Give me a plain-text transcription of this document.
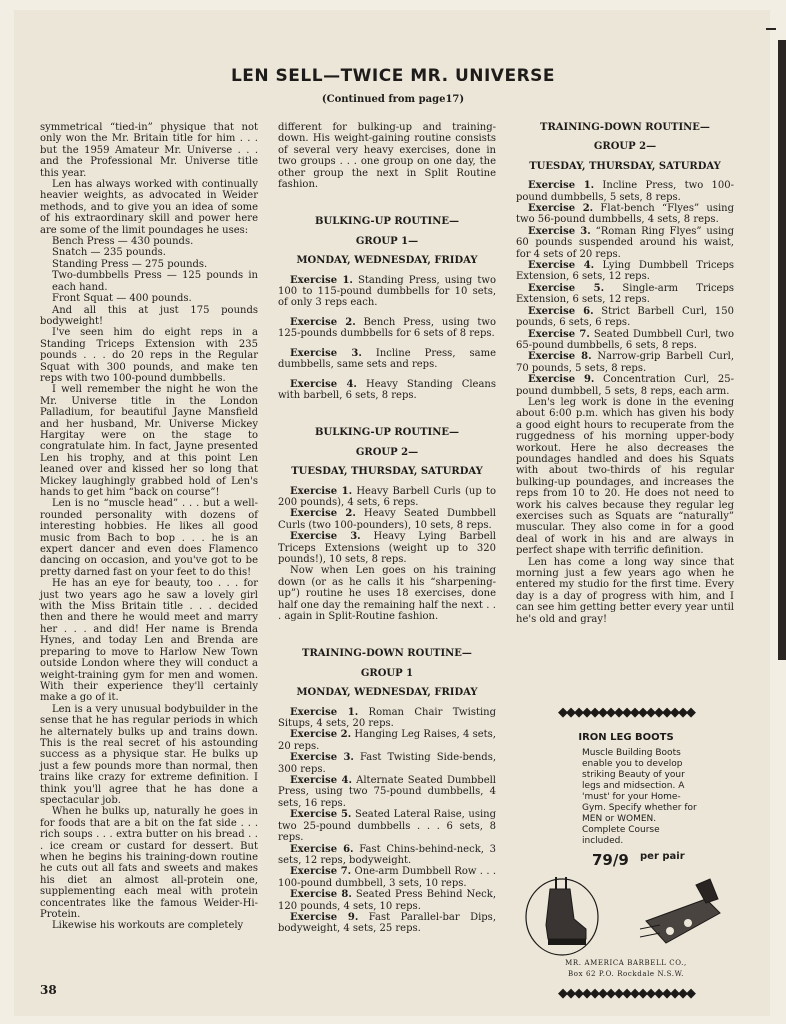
LEN SELL—TWICE MR. UNIVERSE
(Continued from page17)

symmetrical “tied-in” physique that not only won the Mr. Britain title for him . . . but the 1959 Amateur Mr. Universe . . . and the Professional Mr. Universe title this year.

Len has always worked with continually heavier weights, as advocated in Weider methods, and to give you an idea of some of his extraordinary skill and power here are some of the limit poundages he uses:

Bench Press — 430 pounds.

Snatch — 235 pounds.

Standing Press — 275 pounds.

Two-dumbbells Press — 125 pounds in each hand.

Front Squat — 400 pounds.

And all this at just 175 pounds bodyweight!

I've seen him do eight reps in a Standing Triceps Extension with 235 pounds . . . do 20 reps in the Regular Squat with 300 pounds, and make ten reps with two 100-pound dumbbells.

I well remember the night he won the Mr. Universe title in the London Palladium, for beautiful Jayne Mansfield and her husband, Mr. Universe Mickey Hargitay were on the stage to congratulate him. In fact, Jayne presented Len his trophy, and at this point Len leaned over and kissed her so long that Mickey laughingly grabbed hold of Len's hands to get him “back on course”!

Len is no “muscle head” . . . but a well-rounded personality with dozens of interesting hobbies. He likes all good music from Bach to bop . . . he is an expert dancer and even does Flamenco dancing on occasion, and you've got to be pretty darned fast on your feet to do this!

He has an eye for beauty, too . . . for just two years ago he saw a lovely girl with the Miss Britain title . . . decided then and there he would meet and marry her . . . and did! Her name is Brenda Hynes, and today Len and Brenda are preparing to move to Harlow New Town outside London where they will conduct a weight-training gym for men and women. With their experience they'll certainly make a go of it.

Len is a very unusual bodybuilder in the sense that he has regular periods in which he alternately bulks up and trains down. This is the real secret of his astounding success as a physique star. He bulks up just a few pounds more than normal, then trains like crazy for extreme definition. I think you'll agree that he has done a spectacular job.

When he bulks up, naturally he goes in for foods that are a bit on the fat side . . . rich soups . . . extra butter on his bread . . . ice cream or custard for dessert. But when he begins his training-down routine he cuts out all fats and sweets and makes his diet an almost all-protein one, supplementing each meal with protein concentrates like the famous Weider-Hi-Protein.

Likewise his workouts are completely

different for bulking-up and training-down. His weight-gaining routine consists of several very heavy exercises, done in two groups . . . one group on one day, the other group the next in Split Routine fashion.

BULKING-UP ROUTINE—
GROUP 1—
MONDAY, WEDNESDAY, FRIDAY

Exercise 1. Standing Press, using two 100 to 115-pound dumbbells for 10 sets, of only 3 reps each.

Exercise 2. Bench Press, using two 125-pounds dumbbells for 6 sets of 8 reps.

Exercise 3. Incline Press, same dumbbells, same sets and reps.

Exercise 4. Heavy Standing Cleans with barbell, 6 sets, 8 reps.

BULKING-UP ROUTINE—
GROUP 2—
TUESDAY, THURSDAY, SATURDAY

Exercise 1. Heavy Barbell Curls (up to 200 pounds), 4 sets, 6 reps.

Exercise 2. Heavy Seated Dumbbell Curls (two 100-pounders), 10 sets, 8 reps.

Exercise 3. Heavy Lying Barbell Triceps Extensions (weight up to 320 pounds!), 10 sets, 8 reps.

Now when Len goes on his training down (or as he calls it his “sharpening-up”) routine he uses 18 exercises, done half one day the remaining half the next . . . again in Split-Routine fashion.

TRAINING-DOWN ROUTINE—
GROUP 1
MONDAY, WEDNESDAY, FRIDAY

Exercise 1. Roman Chair Twisting Situps, 4 sets, 20 reps.

Exercise 2. Hanging Leg Raises, 4 sets, 20 reps.

Exercise 3. Fast Twisting Side-bends, 300 reps.

Exercise 4. Alternate Seated Dumbbell Press, using two 75-pound dumbbells, 4 sets, 16 reps.

Exercise 5. Seated Lateral Raise, using two 25-pound dumbbells . . . 6 sets, 8 reps.

Exercise 6. Fast Chins-behind-neck, 3 sets, 12 reps, bodyweight.

Exercise 7. One-arm Dumbbell Row . . . 100-pound dumbbell, 3 sets, 10 reps.

Exercise 8. Seated Press Behind Neck, 120 pounds, 4 sets, 10 reps.

Exercise 9. Fast Parallel-bar Dips, bodyweight, 4 sets, 25 reps.

TRAINING-DOWN ROUTINE—
GROUP 2—
TUESDAY, THURSDAY, SATURDAY

Exercise 1. Incline Press, two 100-pound dumbbells, 5 sets, 8 reps.

Exercise 2. Flat-bench “Flyes” using two 56-pound dumbbells, 4 sets, 8 reps.

Exercise 3. “Roman Ring Flyes” using 60 pounds suspended around his waist, for 4 sets of 20 reps.

Exercise 4. Lying Dumbbell Triceps Extension, 6 sets, 12 reps.

Exercise 5. Single-arm Triceps Extension, 6 sets, 12 reps.

Exercise 6. Strict Barbell Curl, 150 pounds, 6 sets, 6 reps.

Exercise 7. Seated Dumbbell Curl, two 65-pound dumbbells, 6 sets, 8 reps.

Exercise 8. Narrow-grip Barbell Curl, 70 pounds, 5 sets, 8 reps.

Exercise 9. Concentration Curl, 25-pound dumbbell, 5 sets, 8 reps, each arm.

Len's leg work is done in the evening about 6:00 p.m. which has given his body a good eight hours to recuperate from the ruggedness of his morning upper-body workout. Here he also decreases the poundages handled and does his Squats with about two-thirds of his regular bulking-up poundages, and increases the reps from 10 to 20. He does not need to work his calves because they regular leg exercises such as Squats are “naturally” muscular. They also come in for a good deal of work in his and are always in perfect shape with terrific definition.

Len has come a long way since that morning just a few years ago when he entered my studio for the first time. Every day is a day of progress with him, and I can see him getting better every year until he's old and gray!

◆◆◆◆◆◆◆◆◆◆◆◆◆◆◆◆◆
IRON LEG BOOTS
Muscle Building Boots enable you to develop striking Beauty of your legs and midsection. A 'must' for your Home-Gym. Specify whether for MEN or WOMEN. Complete Course included.
79/9 per pair
MR. AMERICA BARBELL CO.,
Box 62 P.O. Rockdale N.S.W.
◆◆◆◆◆◆◆◆◆◆◆◆◆◆◆◆◆
38
